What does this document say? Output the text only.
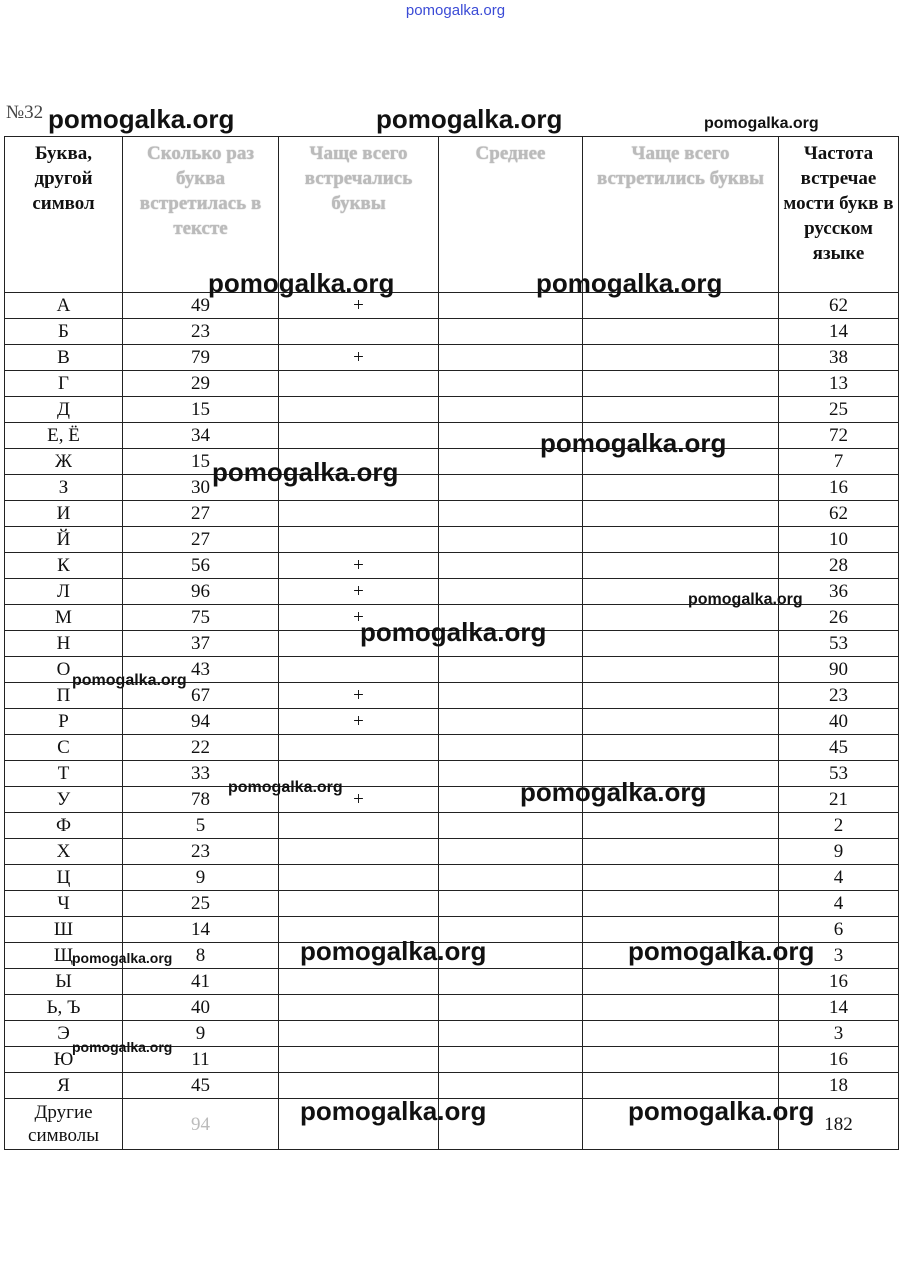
pomogalka.org
№32
Буква, другой символ	Сколько раз буква встретилась в тексте	Чаще всего встречались буквы	Среднее	Чаще всего встретились буквы	Частота встречае мости букв в русском языке
А	49	+			62
Б	23				14
В	79	+			38
Г	29				13
Д	15				25
Е, Ё	34				72
Ж	15				7
З	30				16
И	27				62
Й	27				10
К	56	+			28
Л	96	+			36
М	75	+			26
Н	37				53
О	43				90
П	67	+			23
Р	94	+			40
С	22				45
Т	33				53
У	78	+			21
Ф	5				2
Х	23				9
Ц	9				4
Ч	25				4
Ш	14				6
Щ	8				3
Ы	41				16
Ь, Ъ	40				14
Э	9				3
Ю	11				16
Я	45				18
Другие символы	94				182
pomogalka.org	pomogalka.org	pomogalka.org
pomogalka.org	pomogalka.org
pomogalka.org
pomogalka.org
pomogalka.org
pomogalka.org
pomogalka.org
pomogalka.org	pomogalka.org
pomogalka.org	pomogalka.org
pomogalka.org
pomogalka.org
pomogalka.org	pomogalka.org
